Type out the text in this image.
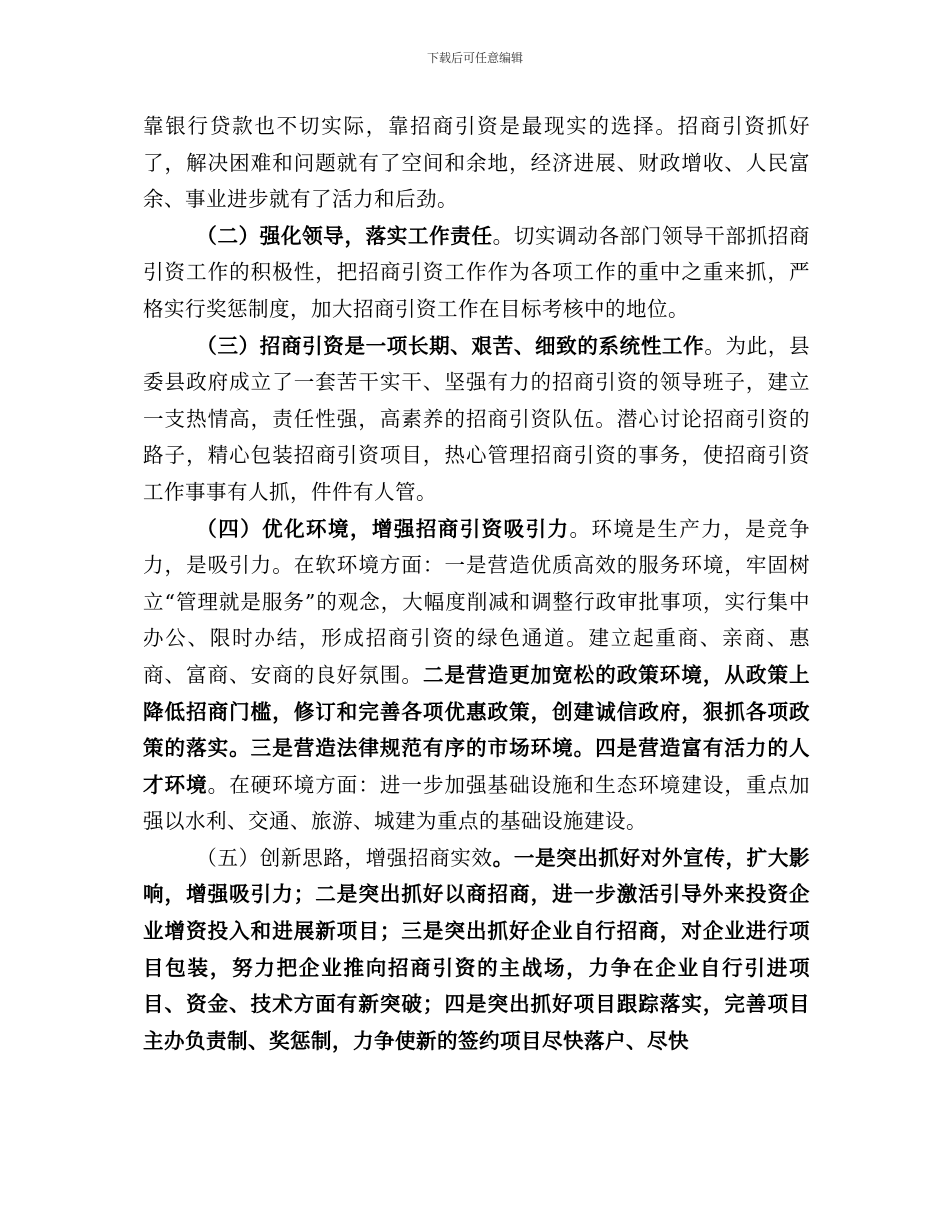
下载后可任意编辑

靠银行贷款也不切实际，靠招商引资是最现实的选择。招商引资抓好了，解决困难和问题就有了空间和余地，经济进展、财政增收、人民富余、事业进步就有了活力和后劲。

（二）强化领导，落实工作责任。切实调动各部门领导干部抓招商引资工作的积极性，把招商引资工作作为各项工作的重中之重来抓，严格实行奖惩制度，加大招商引资工作在目标考核中的地位。

（三）招商引资是一项长期、艰苦、细致的系统性工作。为此，县委县政府成立了一套苦干实干、坚强有力的招商引资的领导班子，建立一支热情高，责任性强，高素养的招商引资队伍。潜心讨论招商引资的路子，精心包装招商引资项目，热心管理招商引资的事务，使招商引资工作事事有人抓，件件有人管。

（四）优化环境，增强招商引资吸引力。环境是生产力，是竞争力，是吸引力。在软环境方面：一是营造优质高效的服务环境，牢固树立“管理就是服务”的观念，大幅度削减和调整行政审批事项，实行集中办公、限时办结，形成招商引资的绿色通道。建立起重商、亲商、惠商、富商、安商的良好氛围。二是营造更加宽松的政策环境，从政策上降低招商门槛，修订和完善各项优惠政策，创建诚信政府，狠抓各项政策的落实。三是营造法律规范有序的市场环境。四是营造富有活力的人才环境。在硬环境方面：进一步加强基础设施和生态环境建设，重点加强以水利、交通、旅游、城建为重点的基础设施建设。

（五）创新思路，增强招商实效。一是突出抓好对外宣传，扩大影响，增强吸引力；二是突出抓好以商招商，进一步激活引导外来投资企业增资投入和进展新项目；三是突出抓好企业自行招商，对企业进行项目包装，努力把企业推向招商引资的主战场，力争在企业自行引进项目、资金、技术方面有新突破；四是突出抓好项目跟踪落实，完善项目主办负责制、奖惩制，力争使新的签约项目尽快落户、尽快
